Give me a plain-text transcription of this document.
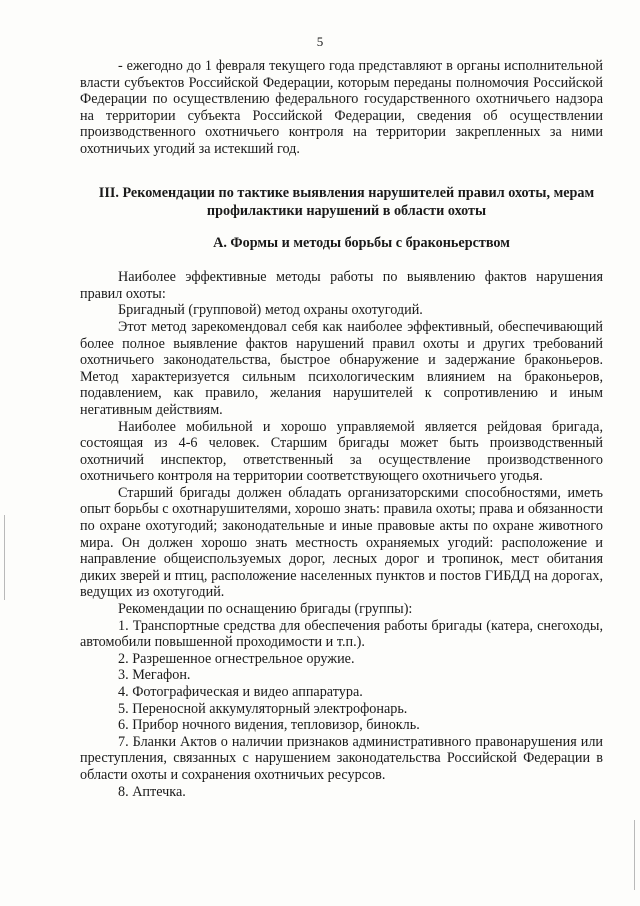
5

- ежегодно до 1 февраля текущего года представляют в органы исполнительной власти субъектов Российской Федерации, которым переданы полномочия Российской Федерации по осуществлению федерального государственного охотничьего надзора на территории субъекта Российской Федерации, сведения об осуществлении производственного охотничьего контроля на территории закрепленных за ними охотничьих угодий за истекший год.

III. Рекомендации по тактике выявления нарушителей правил охоты, мерам профилактики нарушений в области охоты
А. Формы и методы борьбы с браконьерством

Наиболее эффективные методы работы по выявлению фактов нарушения правил охоты:

Бригадный (групповой) метод охраны охотугодий.

Этот метод зарекомендовал себя как наиболее эффективный, обеспечивающий более полное выявление фактов нарушений правил охоты и других требований охотничьего законодательства, быстрое обнаружение и задержание браконьеров. Метод характеризуется сильным психологическим влиянием на браконьеров, подавлением, как правило, желания нарушителей к сопротивлению и иным негативным действиям.

Наиболее мобильной и хорошо управляемой является рейдовая бригада, состоящая из 4-6 человек. Старшим бригады может быть производственный охотничий инспектор, ответственный за осуществление производственного охотничьего контроля на территории соответствующего охотничьего угодья.

Старший бригады должен обладать организаторскими способностями, иметь опыт борьбы с охотнарушителями, хорошо знать: правила охоты; права и обязанности по охране охотугодий; законодательные и иные правовые акты по охране животного мира. Он должен хорошо знать местность охраняемых угодий: расположение и направление общеиспользуемых дорог, лесных дорог и тропинок, мест обитания диких зверей и птиц, расположение населенных пунктов и постов ГИБДД на дорогах, ведущих из охотугодий.

Рекомендации по оснащению бригады (группы):

1. Транспортные средства для обеспечения работы бригады (катера, снегоходы, автомобили повышенной проходимости и т.п.).

2. Разрешенное огнестрельное оружие.

3. Мегафон.

4. Фотографическая и видео аппаратура.

5. Переносной аккумуляторный электрофонарь.

6. Прибор ночного видения, тепловизор, бинокль.

7. Бланки Актов о наличии признаков административного правонарушения или преступления, связанных с нарушением законодательства Российской Федерации в области охоты и сохранения охотничьих ресурсов.

8. Аптечка.
